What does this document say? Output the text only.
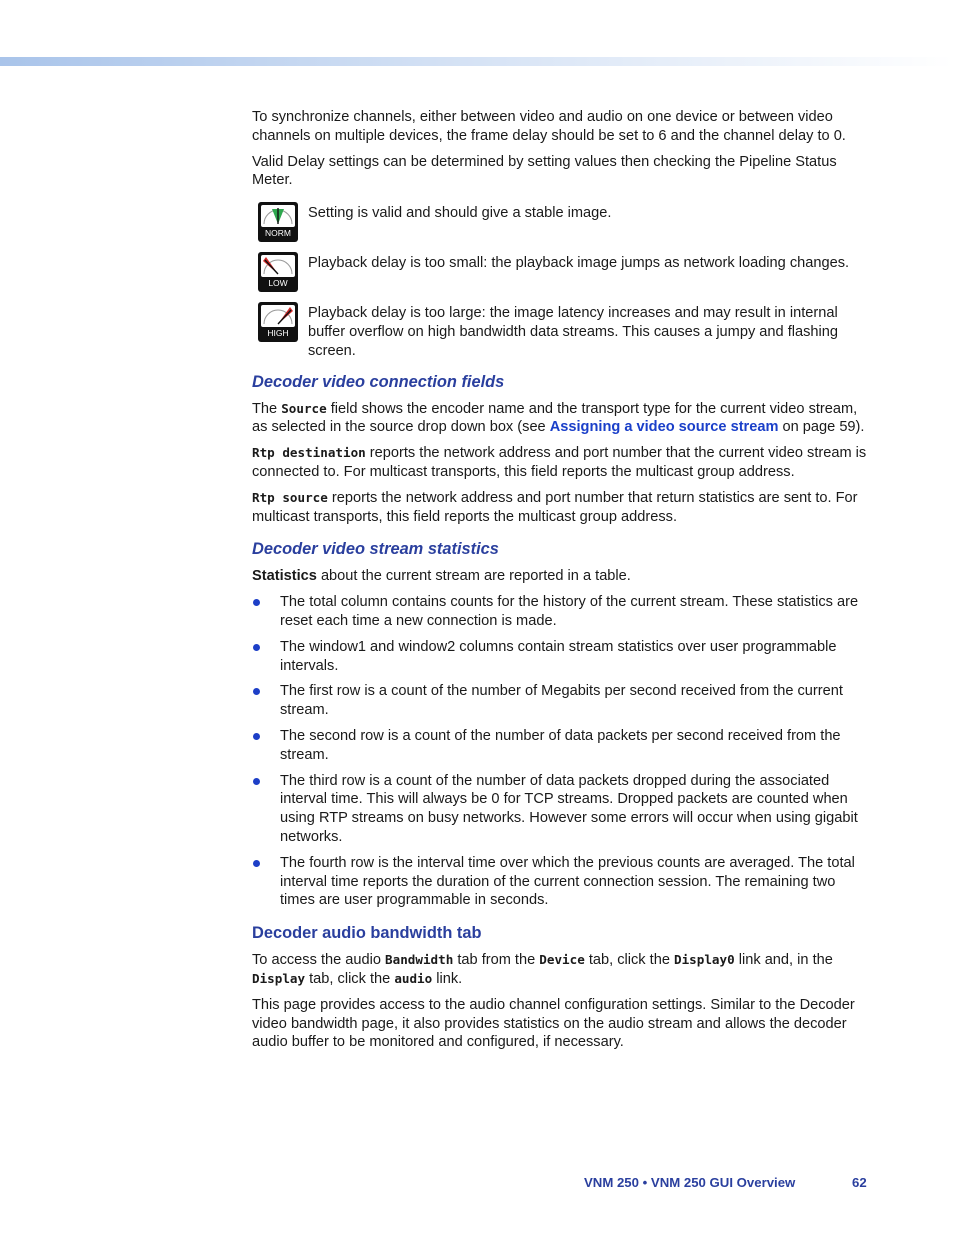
To synchronize channels, either between video and audio on one device or between video channels on multiple devices, the frame delay should be set to 6 and the channel delay to 0.

Valid Delay settings can be determined by setting values then checking the Pipeline Status Meter.

NORM
Setting is valid and should give a stable image.
LOW
Playback delay is too small: the playback image jumps as network loading changes.
HIGH
Playback delay is too large: the image latency increases and may result in internal buffer overflow on high bandwidth data streams. This causes a jumpy and flashing screen.
Decoder video connection fields

The Source field shows the encoder name and the transport type for the current video stream, as selected in the source drop down box (see Assigning a video source stream on page 59).

Rtp destination reports the network address and port number that the current video stream is connected to. For multicast transports, this field reports the multicast group address.

Rtp source reports the network address and port number that return statistics are sent to. For multicast transports, this field reports the multicast group address.

Decoder video stream statistics

Statistics about the current stream are reported in a table.

The total column contains counts for the history of the current stream. These statistics are reset each time a new connection is made.
The window1 and window2 columns contain stream statistics over user programmable intervals.
The first row is a count of the number of Megabits per second received from the current stream.
The second row is a count of the number of data packets per second received from the stream.
The third row is a count of the number of data packets dropped during the associated interval time. This will always be 0 for TCP streams. Dropped packets are counted when using RTP streams on busy networks. However some errors will occur when using gigabit networks.
The fourth row is the interval time over which the previous counts are averaged. The total interval time reports the duration of the current connection session. The remaining two times are user programmable in seconds.
Decoder audio bandwidth tab

To access the audio Bandwidth tab from the Device tab, click the Display0 link and, in the Display tab, click the audio link.

This page provides access to the audio channel configuration settings. Similar to the Decoder video bandwidth page, it also provides statistics on the audio stream and allows the decoder audio buffer to be monitored and configured, if necessary.

VNM 250 • VNM 250 GUI Overview	62
